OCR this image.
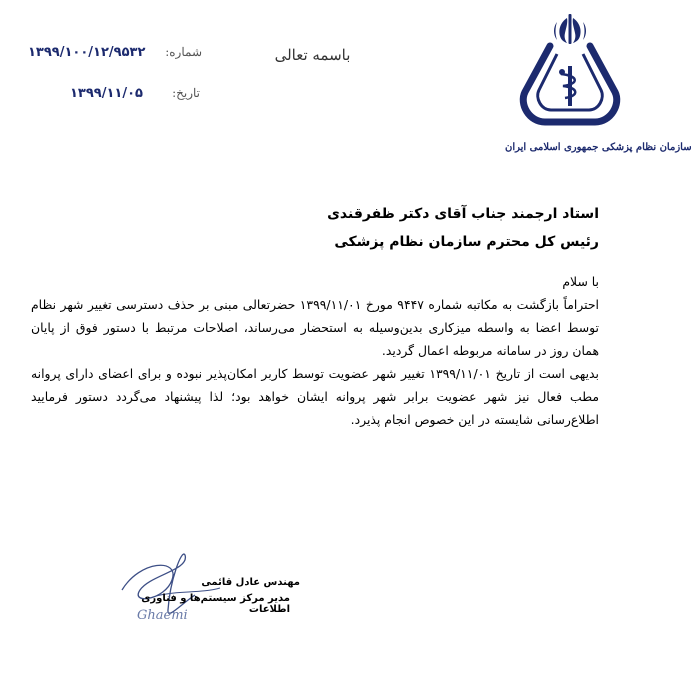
سازمان نظام پزشکی جمهوری اسلامی ایران
باسمه تعالی
شماره:
۱۳۹۹/۱۰۰/۱۲/۹۵۳۲
تاریخ:
۱۳۹۹/۱۱/۰۵
استاد ارجمند جناب آقای دکتر ظفرقندی
رئیس کل محترم سازمان نظام پزشکی

با سلام

احتراماً بازگشت به مکاتبه شماره ۹۴۴۷ مورخ ۱۳۹۹/۱۱/۰۱ حضرتعالی مبنی بر حذف دسترسی تغییر شهر نظام توسط اعضا به واسطه میزکاری بدین‌وسیله به استحضار می‌رساند، اصلاحات مرتبط با دستور فوق از پایان همان روز در سامانه مربوطه اعمال گردید.

بدیهی است از تاریخ ۱۳۹۹/۱۱/۰۱ تغییر شهر عضویت توسط کاربر امکان‌پذیر نبوده و برای اعضای دارای پروانه مطب فعال نیز شهر عضویت برابر شهر پروانه ایشان خواهد بود؛ لذا پیشنهاد می‌گردد دستور فرمایید اطلاع‌رسانی شایسته در این خصوص انجام پذیرد.

مهندس عادل قائمی
مدیر مرکز سیستم‌ها و فناوری اطلاعات
Ghaemi
